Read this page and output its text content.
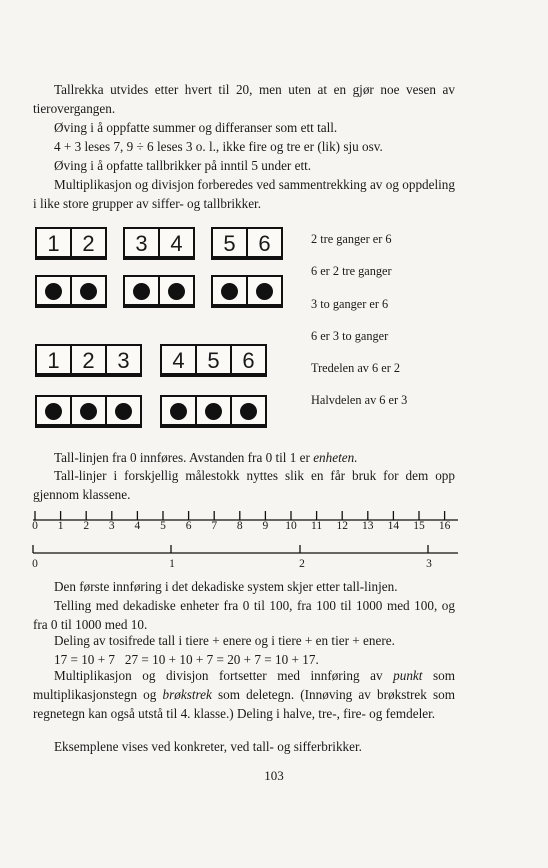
Tallrekka utvides etter hvert til 20, men uten at en gjør noe vesen av tierovergangen.

Øving i å oppfatte summer og differanser som ett tall.

4 + 3 leses 7, 9 ÷ 6 leses 3 o. l., ikke fire og tre er (lik) sju osv.

Øving i å opfatte tallbrikker på inntil 5 under ett.

Multiplikasjon og divisjon forberedes ved sammentrekking av og oppdeling i like store grupper av siffer- og tallbrikker.

1	2	3	4	5	6
1	2	3	4	5	6
2 tre ganger er 6
6 er 2 tre ganger
3 to ganger er 6
6 er 3 to ganger
Tredelen av 6 er 2
Halvdelen av 6 er 3

Tall-linjen fra 0 innføres. Avstanden fra 0 til 1 er enheten.

Tall-linjer i forskjellig målestokk nyttes slik en får bruk for dem opp gjennom klassene.

0 1 2 3 4 5 6 7 8 9 10 11 12 13 14 15 16
0	1	2	3

Den første innføring i det dekadiske system skjer etter tall-linjen.

Telling med dekadiske enheter fra 0 til 100, fra 100 til 1000 med 100, og fra 0 til 1000 med 10.

Deling av tosifrede tall i tiere + enere og i tiere + en tier + enere.

17 = 10 + 7   27 = 10 + 10 + 7 = 20 + 7 = 10 + 17.

Multiplikasjon og divisjon fortsetter med innføring av punkt som multiplikasjonstegn og brøkstrek som deletegn. (Innøving av brøkstrek som regnetegn kan også utstå til 4. klasse.) Deling i halve, tre-, fire- og femdeler.

Eksemplene vises ved konkreter, ved tall- og sifferbrikker.

103
